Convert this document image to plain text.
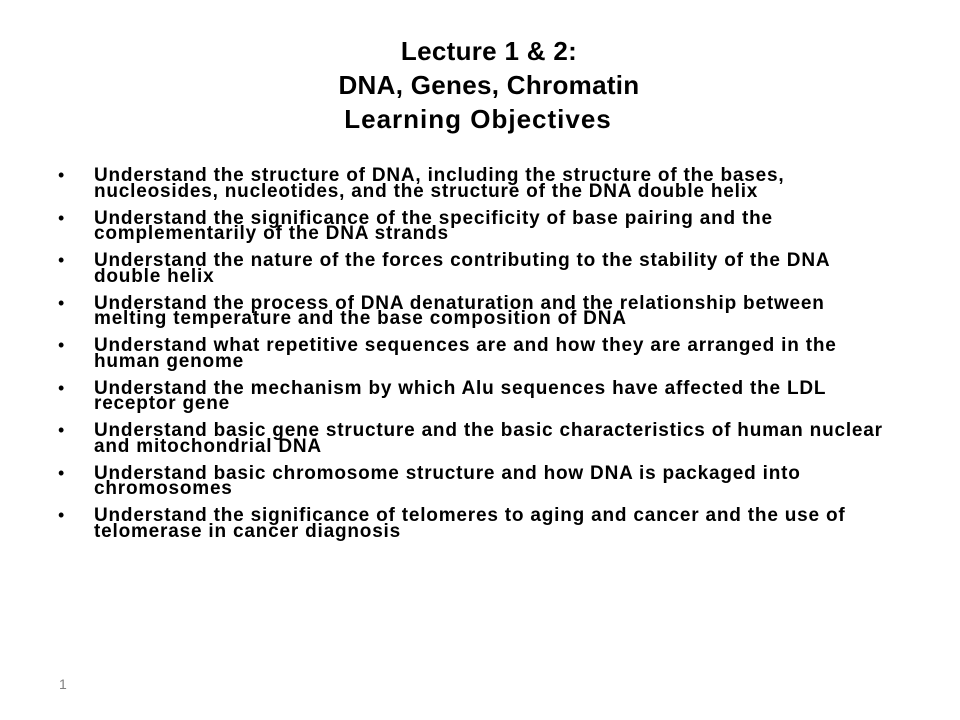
Lecture 1 & 2:
DNA, Genes, Chromatin
Learning Objectives
• Understand the structure of DNA, including the structure of the bases, nucleosides, nucleotides, and the structure of the DNA double helix
• Understand the significance of the specificity of base pairing and the complementarily of the DNA strands
• Understand the nature of the forces contributing to the stability of the DNA double helix
• Understand the process of DNA denaturation and the relationship between melting temperature and the base composition of DNA
• Understand what repetitive sequences are and how they are arranged in the human genome
• Understand the mechanism by which Alu sequences have affected the LDL receptor gene
• Understand basic gene structure and the basic characteristics of human nuclear and mitochondrial DNA
• Understand basic chromosome structure and how DNA is packaged into chromosomes
• Understand the significance of telomeres to aging and cancer and the use of telomerase in cancer diagnosis
1
